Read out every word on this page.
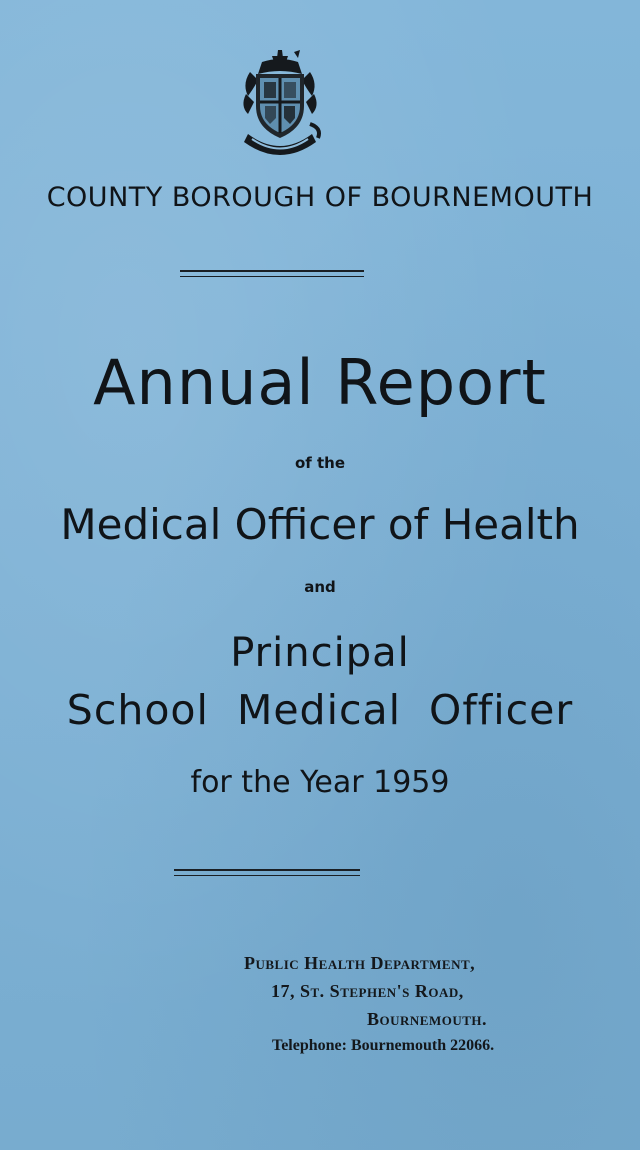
COUNTY BOROUGH OF BOURNEMOUTH
Annual Report
of the
Medical Officer of Health
and
Principal
School Medical Officer
for the Year 1959
Public Health Department,
17, St. Stephen's Road,
Bournemouth.
Telephone: Bournemouth 22066.
